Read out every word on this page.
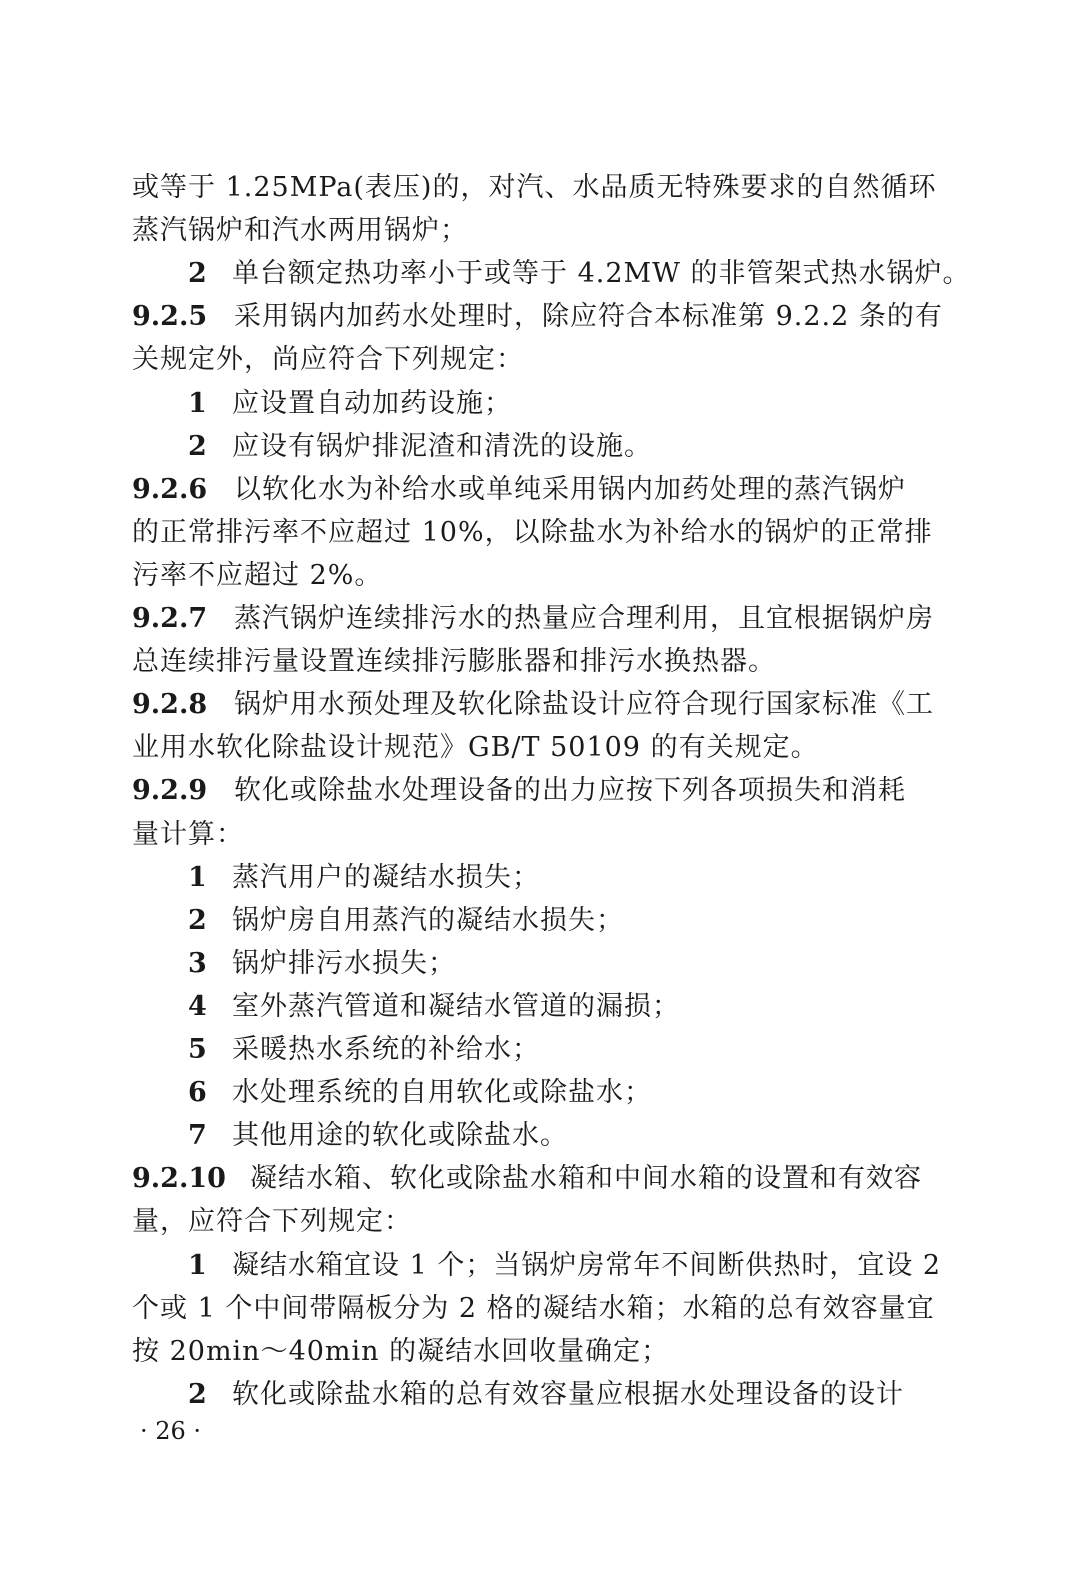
或等于 1.25MPa(表压)的，对汽、水品质无特殊要求的自然循环
蒸汽锅炉和汽水两用锅炉；
2 单台额定热功率小于或等于 4.2MW 的非管架式热水锅炉。
9.2.5 采用锅内加药水处理时，除应符合本标准第 9.2.2 条的有
关规定外，尚应符合下列规定：
1 应设置自动加药设施；
2 应设有锅炉排泥渣和清洗的设施。
9.2.6 以软化水为补给水或单纯采用锅内加药处理的蒸汽锅炉
的正常排污率不应超过 10%，以除盐水为补给水的锅炉的正常排
污率不应超过 2%。
9.2.7 蒸汽锅炉连续排污水的热量应合理利用，且宜根据锅炉房
总连续排污量设置连续排污膨胀器和排污水换热器。
9.2.8 锅炉用水预处理及软化除盐设计应符合现行国家标准《工
业用水软化除盐设计规范》GB/T 50109 的有关规定。
9.2.9 软化或除盐水处理设备的出力应按下列各项损失和消耗
量计算：
1 蒸汽用户的凝结水损失；
2 锅炉房自用蒸汽的凝结水损失；
3 锅炉排污水损失；
4 室外蒸汽管道和凝结水管道的漏损；
5 采暖热水系统的补给水；
6 水处理系统的自用软化或除盐水；
7 其他用途的软化或除盐水。
9.2.10 凝结水箱、软化或除盐水箱和中间水箱的设置和有效容
量，应符合下列规定：
1 凝结水箱宜设 1 个；当锅炉房常年不间断供热时，宜设 2
个或 1 个中间带隔板分为 2 格的凝结水箱；水箱的总有效容量宜
按 20min～40min 的凝结水回收量确定；
2 软化或除盐水箱的总有效容量应根据水处理设备的设计
· 26 ·
